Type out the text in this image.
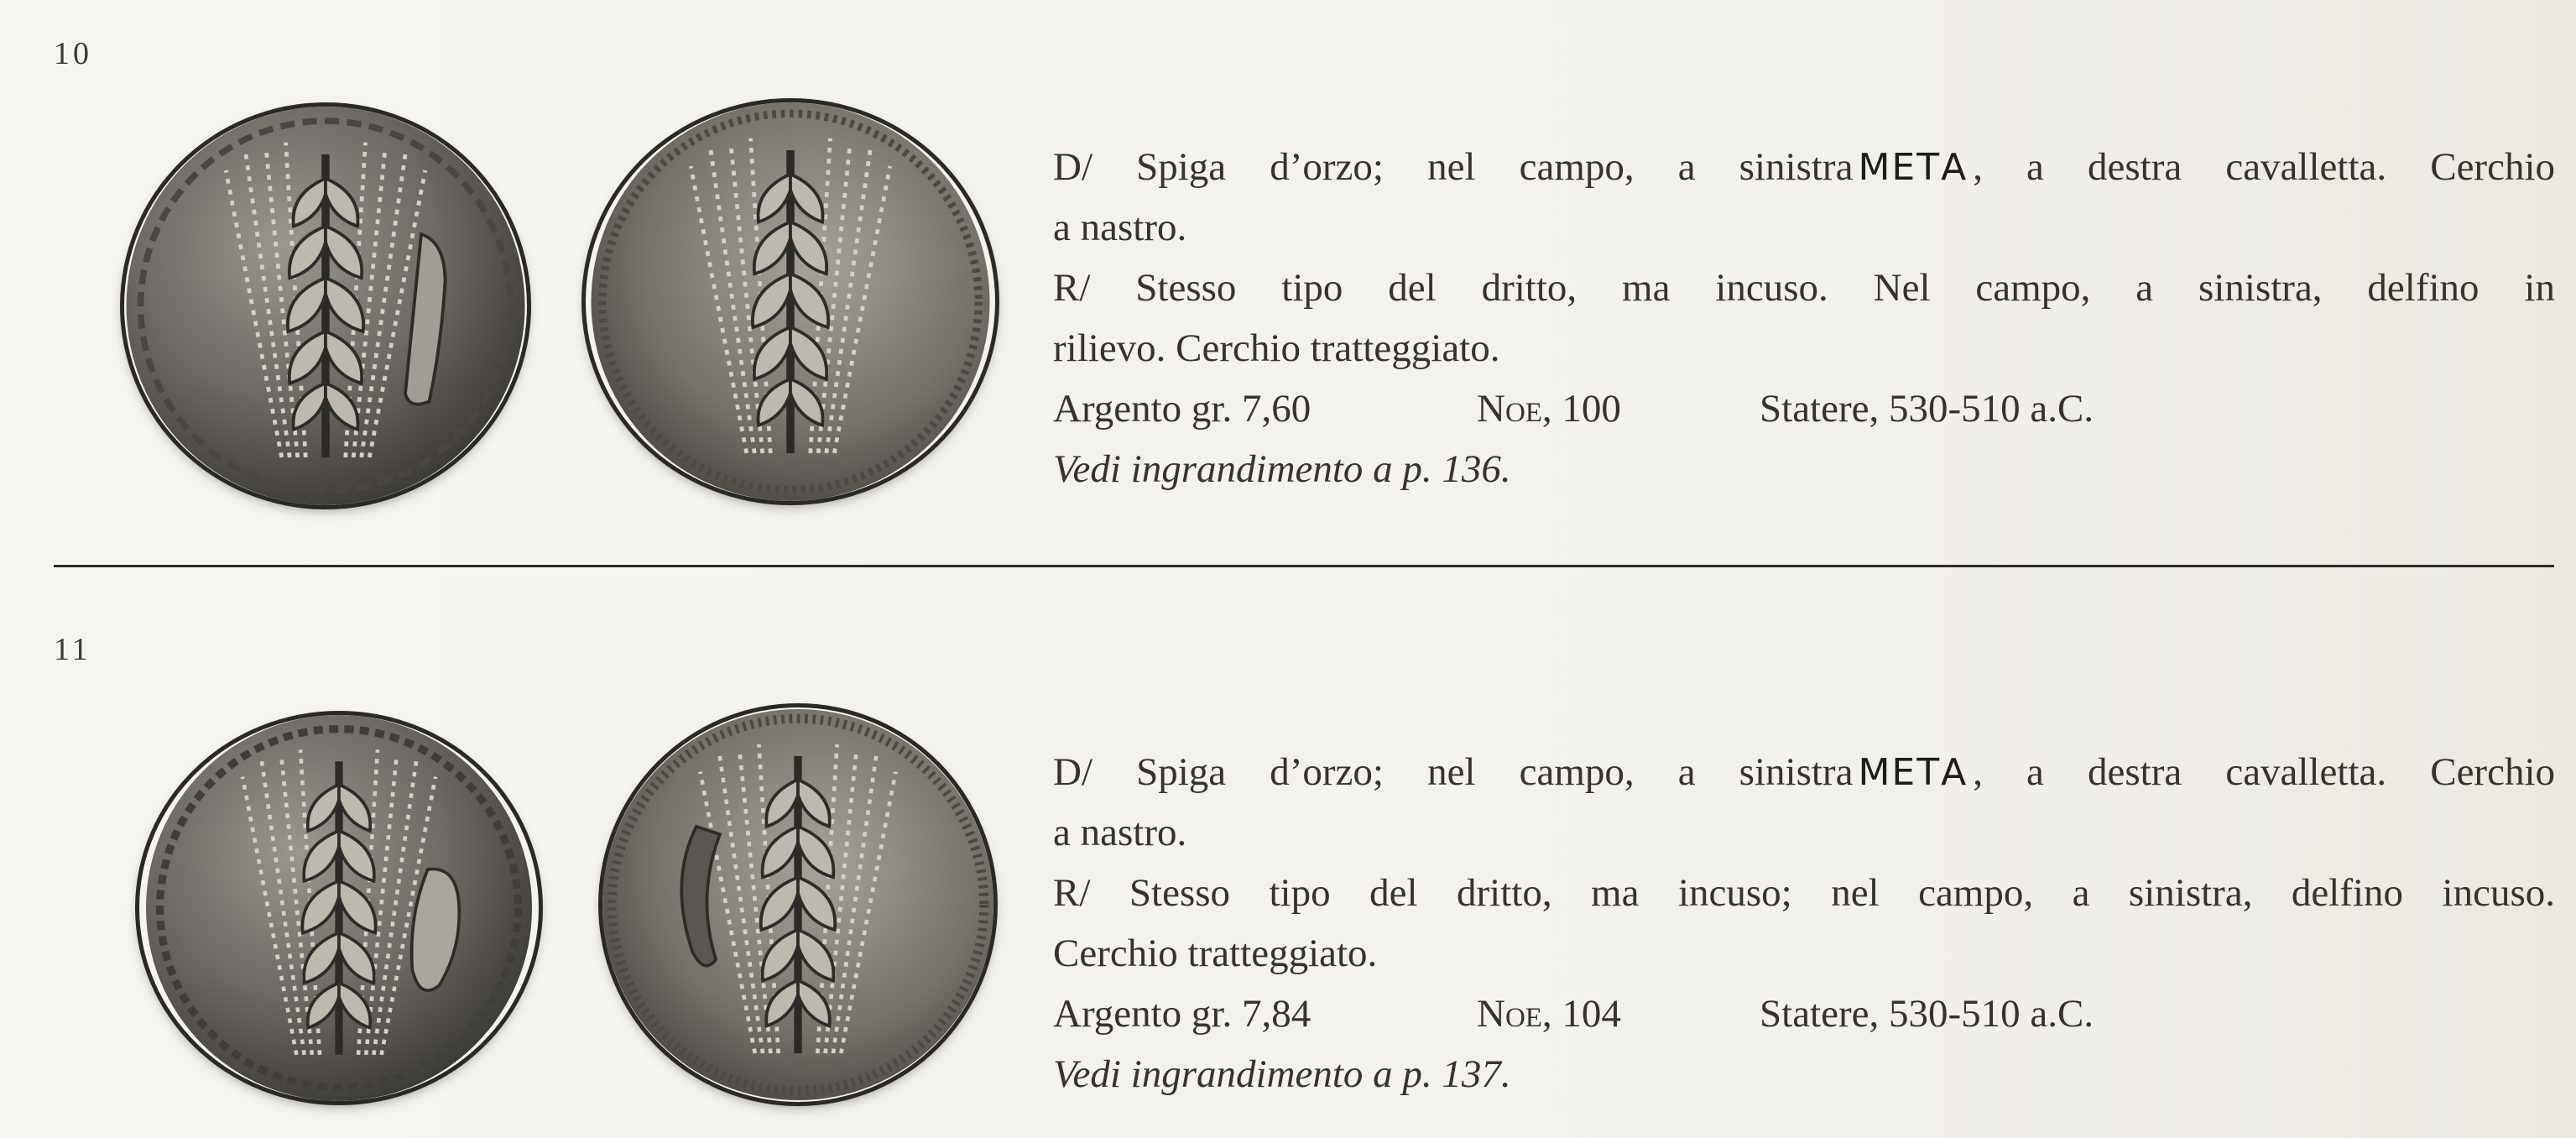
10
D/ Spiga d’orzo; nel campo, a sinistra MΕΤΑ , a destra cavalletta. Cerchio
a nastro.
R/ Stesso tipo del dritto, ma incuso. Nel campo, a sinistra, delfino in
rilievo. Cerchio tratteggiato.
Argento gr. 7,60	Noe, 100	Statere, 530-510 a.C.
Vedi ingrandimento a p. 136.
11
D/ Spiga d’orzo; nel campo, a sinistra MΕΤΑ , a destra cavalletta. Cerchio
a nastro.
R/ Stesso tipo del dritto, ma incuso; nel campo, a sinistra, delfino incuso.
Cerchio tratteggiato.
Argento gr. 7,84	Noe, 104	Statere, 530-510 a.C.
Vedi ingrandimento a p. 137.
